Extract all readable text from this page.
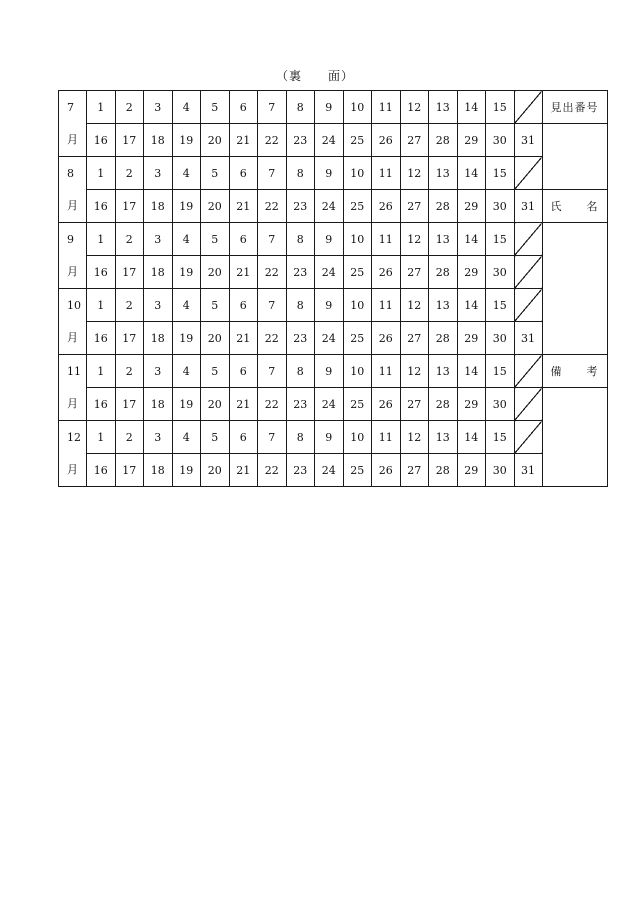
（裏　　面）
7	1	2	3	4	5	6	7	8	9	10	11	12	13	14	15		見出番号
月	16	17	18	19	20	21	22	23	24	25	26	27	28	29	30	31	
8	1	2	3	4	5	6	7	8	9	10	11	12	13	14	15		
月	16	17	18	19	20	21	22	23	24	25	26	27	28	29	30	31	氏　　名
9	1	2	3	4	5	6	7	8	9	10	11	12	13	14	15		
月	16	17	18	19	20	21	22	23	24	25	26	27	28	29	30		
10	1	2	3	4	5	6	7	8	9	10	11	12	13	14	15		
月	16	17	18	19	20	21	22	23	24	25	26	27	28	29	30	31	
11	1	2	3	4	5	6	7	8	9	10	11	12	13	14	15		備　　考
月	16	17	18	19	20	21	22	23	24	25	26	27	28	29	30		
12	1	2	3	4	5	6	7	8	9	10	11	12	13	14	15		
月	16	17	18	19	20	21	22	23	24	25	26	27	28	29	30	31	
